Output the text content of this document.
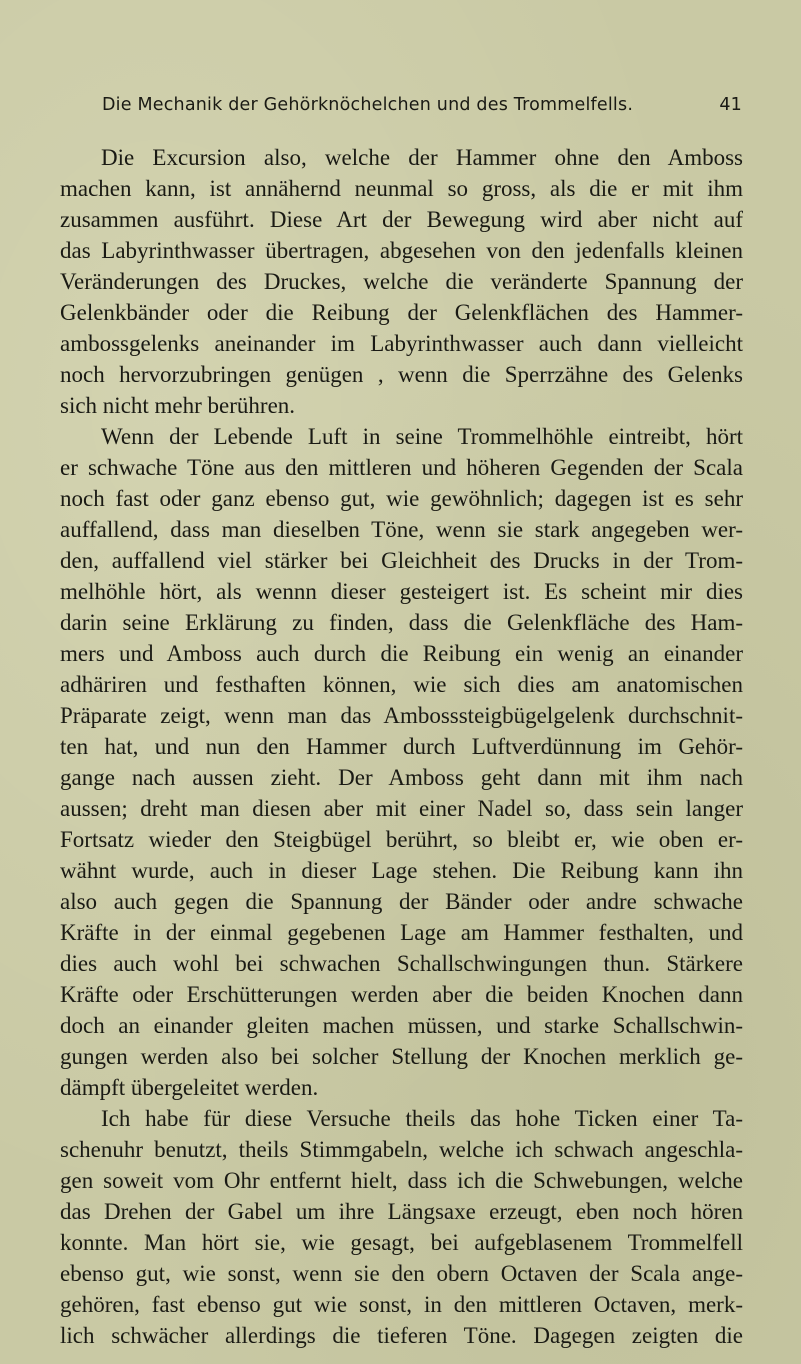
Die Mechanik der Gehörknöchelchen und des Trommelfells.	41
Die Excursion also, welche der Hammer ohne den Amboss
machen kann, ist annähernd neunmal so gross, als die er mit ihm
zusammen ausführt. Diese Art der Bewegung wird aber nicht auf
das Labyrinthwasser übertragen, abgesehen von den jedenfalls kleinen
Veränderungen des Druckes, welche die veränderte Spannung der
Gelenkbänder oder die Reibung der Gelenkflächen des Hammer-
ambossgelenks aneinander im Labyrinthwasser auch dann vielleicht
noch hervorzubringen genügen , wenn die Sperrzähne des Gelenks
sich nicht mehr berühren.
Wenn der Lebende Luft in seine Trommelhöhle eintreibt, hört
er schwache Töne aus den mittleren und höheren Gegenden der Scala
noch fast oder ganz ebenso gut, wie gewöhnlich; dagegen ist es sehr
auffallend, dass man dieselben Töne, wenn sie stark angegeben wer-
den, auffallend viel stärker bei Gleichheit des Drucks in der Trom-
melhöhle hört, als wennn dieser gesteigert ist. Es scheint mir dies
darin seine Erklärung zu finden, dass die Gelenkfläche des Ham-
mers und Amboss auch durch die Reibung ein wenig an einander
adhäriren und festhaften können, wie sich dies am anatomischen
Präparate zeigt, wenn man das Ambosssteigbügelgelenk durchschnit-
ten hat, und nun den Hammer durch Luftverdünnung im Gehör-
gange nach aussen zieht. Der Amboss geht dann mit ihm nach
aussen; dreht man diesen aber mit einer Nadel so, dass sein langer
Fortsatz wieder den Steigbügel berührt, so bleibt er, wie oben er-
wähnt wurde, auch in dieser Lage stehen. Die Reibung kann ihn
also auch gegen die Spannung der Bänder oder andre schwache
Kräfte in der einmal gegebenen Lage am Hammer festhalten, und
dies auch wohl bei schwachen Schallschwingungen thun. Stärkere
Kräfte oder Erschütterungen werden aber die beiden Knochen dann
doch an einander gleiten machen müssen, und starke Schallschwin-
gungen werden also bei solcher Stellung der Knochen merklich ge-
dämpft übergeleitet werden.
Ich habe für diese Versuche theils das hohe Ticken einer Ta-
schenuhr benutzt, theils Stimmgabeln, welche ich schwach angeschla-
gen soweit vom Ohr entfernt hielt, dass ich die Schwebungen, welche
das Drehen der Gabel um ihre Längsaxe erzeugt, eben noch hören
konnte. Man hört sie, wie gesagt, bei aufgeblasenem Trommelfell
ebenso gut, wie sonst, wenn sie den obern Octaven der Scala ange-
gehören, fast ebenso gut wie sonst, in den mittleren Octaven, merk-
lich schwächer allerdings die tieferen Töne. Dagegen zeigten die
